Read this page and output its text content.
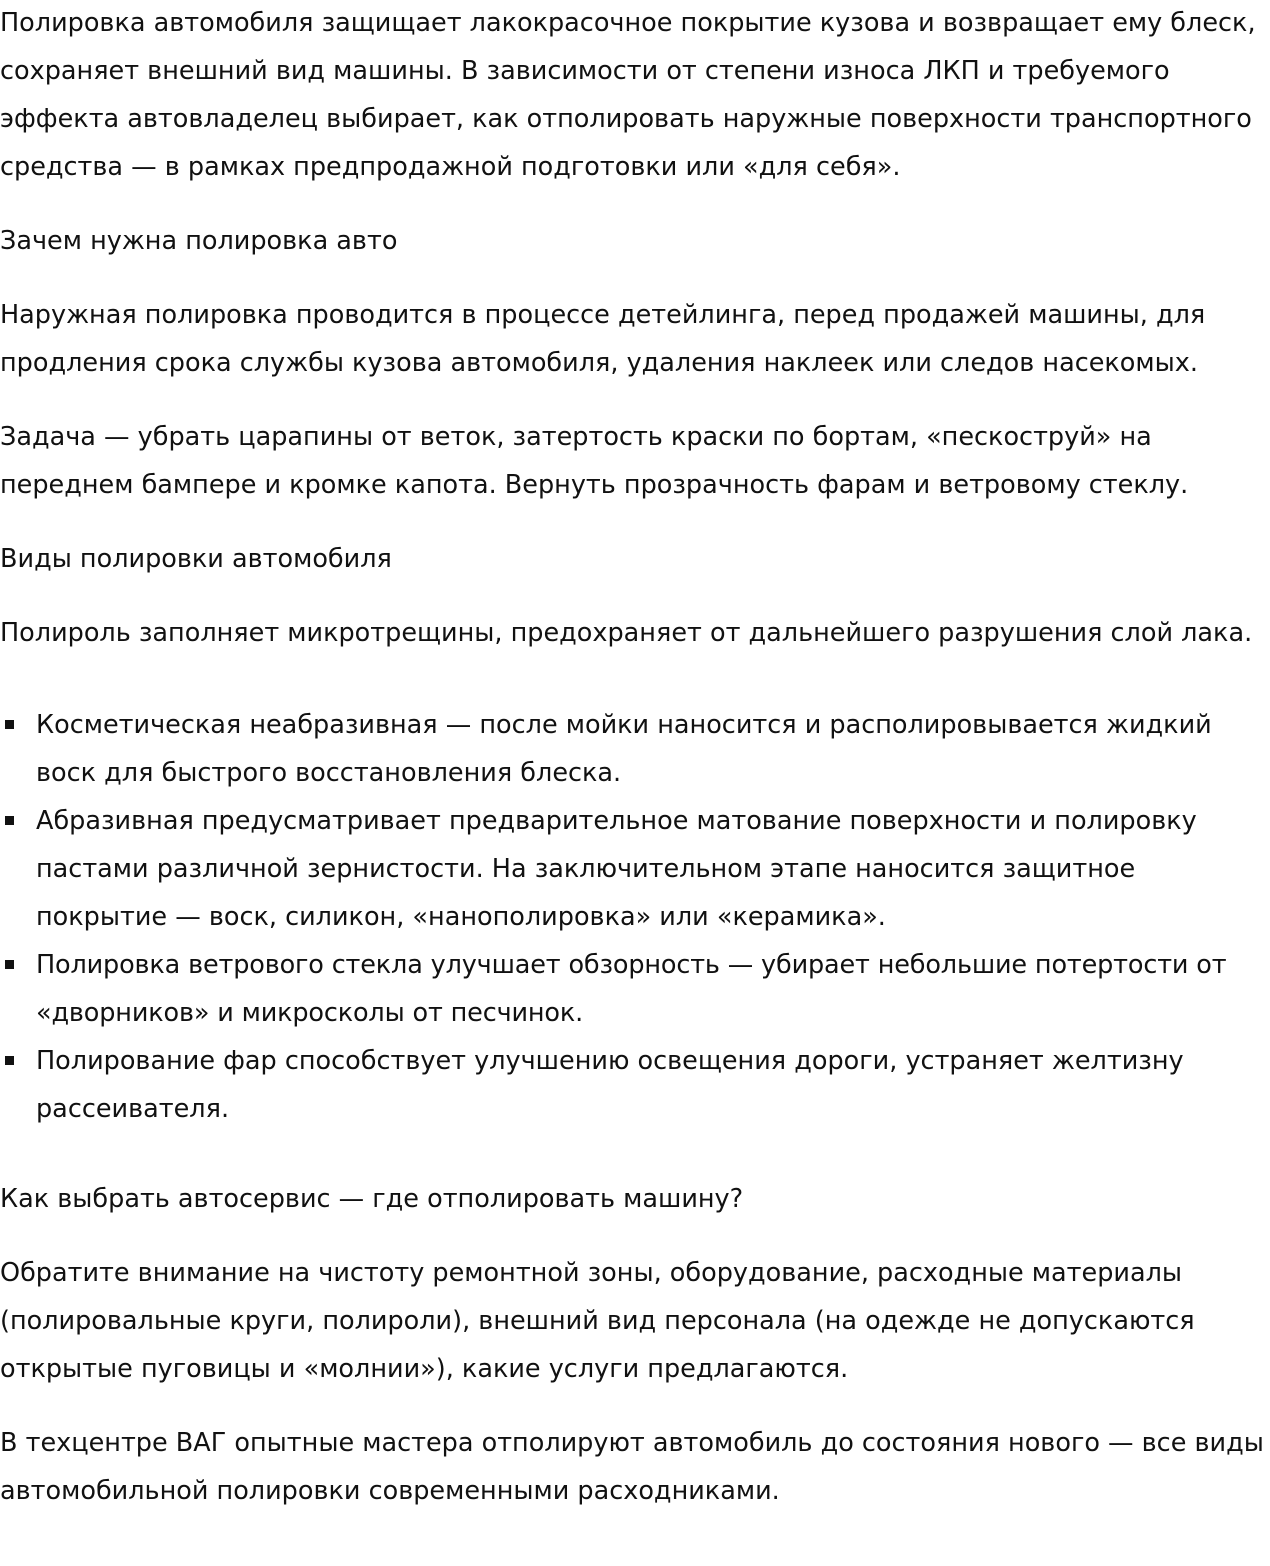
Полировка автомобиля защищает лакокрасочное покрытие кузова и возвращает ему блеск, сохраняет внешний вид машины. В зависимости от степени износа ЛКП и требуемого эффекта автовладелец выбирает, как отполировать наружные поверхности транспортного средства — в рамках предпродажной подготовки или «для себя».

Зачем нужна полировка авто

Наружная полировка проводится в процессе детейлинга, перед продажей машины, для продления срока службы кузова автомобиля, удаления наклеек или следов насекомых.

Задача — убрать царапины от веток, затертость краски по бортам, «пескоструй» на переднем бампере и кромке капота. Вернуть прозрачность фарам и ветровому стеклу.

Виды полировки автомобиля

Полироль заполняет микротрещины, предохраняет от дальнейшего разрушения слой лака.

Косметическая неабразивная — после мойки наносится и располировывается жидкий воск для быстрого восстановления блеска.
Абразивная предусматривает предварительное матование поверхности и полировку пастами различной зернистости. На заключительном этапе наносится защитное покрытие — воск, силикон, «нанополировка» или «керамика».
Полировка ветрового стекла улучшает обзорность — убирает небольшие потертости от «дворников» и микросколы от песчинок.
Полирование фар способствует улучшению освещения дороги, устраняет желтизну рассеивателя.
Как выбрать автосервис — где отполировать машину?

Обратите внимание на чистоту ремонтной зоны, оборудование, расходные материалы (полировальные круги, полироли), внешний вид персонала (на одежде не допускаются открытые пуговицы и «молнии»), какие услуги предлагаются.

В техцентре ВАГ опытные мастера отполируют автомобиль до состояния нового — все виды автомобильной полировки современными расходниками.
